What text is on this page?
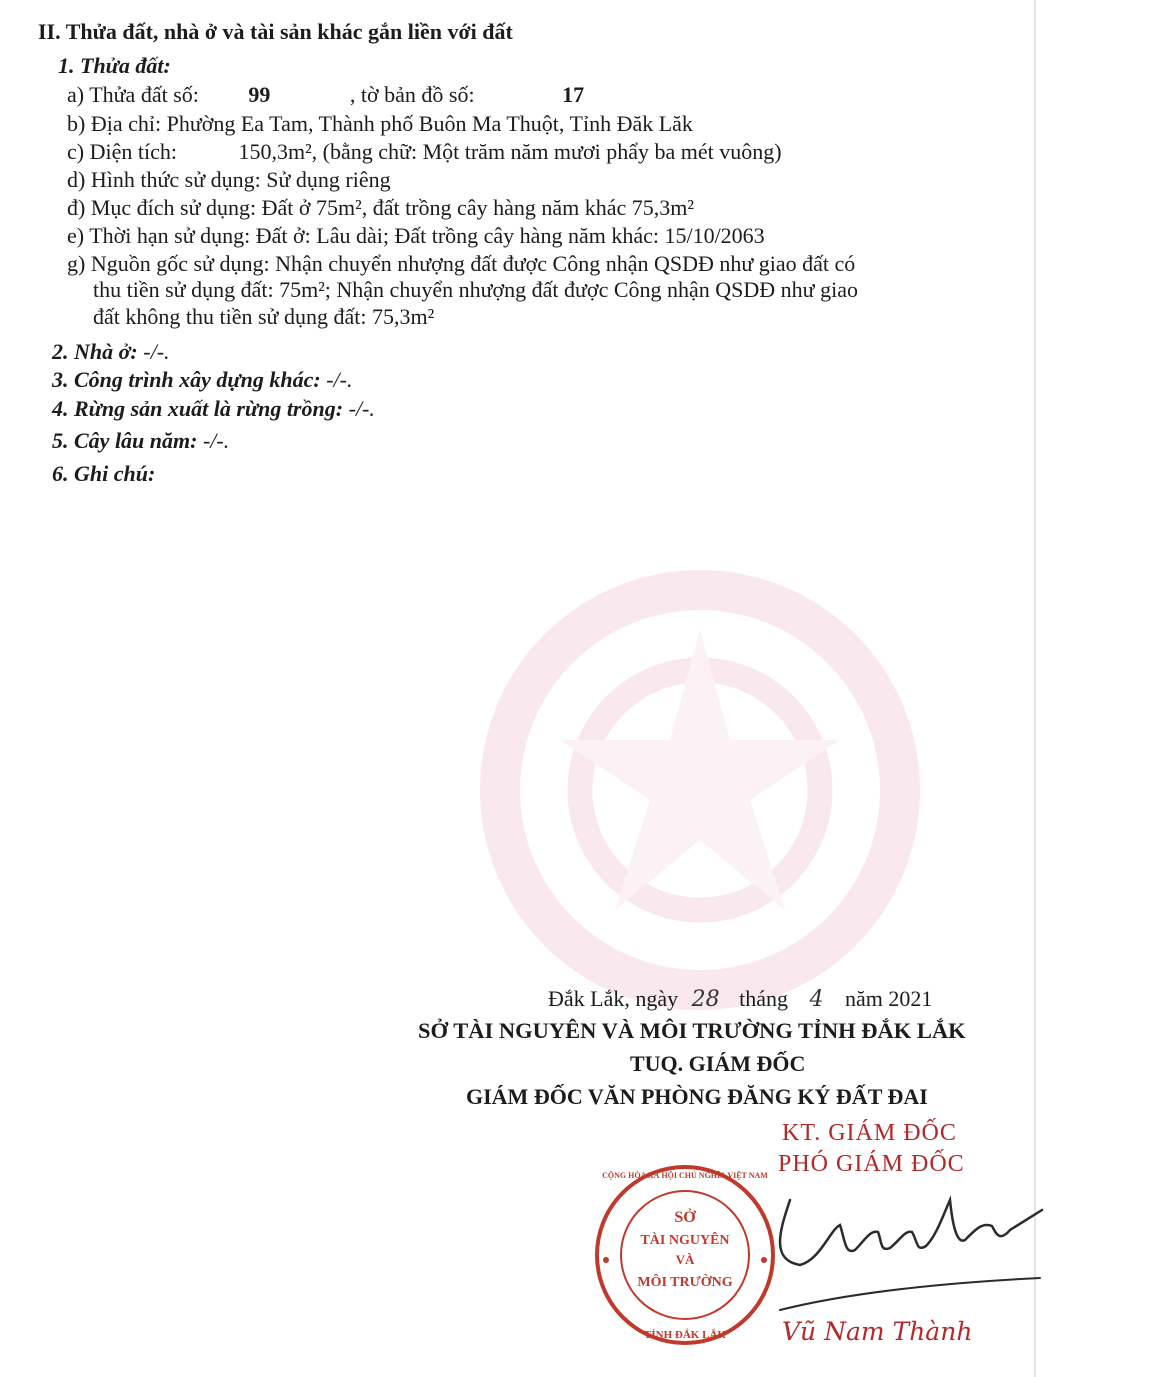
II. Thửa đất, nhà ở và tài sản khác gắn liền với đất
1. Thửa đất:
a) Thửa đất số: 99	, tờ bản đồ số:	17
b) Địa chỉ: Phường Ea Tam, Thành phố Buôn Ma Thuột, Tỉnh Đăk Lăk
c) Diện tích:	150,3m², (bằng chữ: Một trăm năm mươi phẩy ba mét vuông)
d) Hình thức sử dụng: Sử dụng riêng
đ) Mục đích sử dụng: Đất ở 75m², đất trồng cây hàng năm khác 75,3m²
e) Thời hạn sử dụng: Đất ở: Lâu dài; Đất trồng cây hàng năm khác: 15/10/2063
g) Nguồn gốc sử dụng: Nhận chuyển nhượng đất được Công nhận QSDĐ như giao đất có
thu tiền sử dụng đất: 75m²; Nhận chuyển nhượng đất được Công nhận QSDĐ như giao
đất không thu tiền sử dụng đất: 75,3m²
2. Nhà ở: -/-.
3. Công trình xây dựng khác: -/-.
4. Rừng sản xuất là rừng trồng: -/-.
5. Cây lâu năm: -/-.
6. Ghi chú:
Đắk Lắk, ngày 28 tháng 4 năm 2021
SỞ TÀI NGUYÊN VÀ MÔI TRƯỜNG TỈNH ĐẮK LẮK
TUQ. GIÁM ĐỐC
GIÁM ĐỐC VĂN PHÒNG ĐĂNG KÝ ĐẤT ĐAI
KT. GIÁM ĐỐC
PHÓ GIÁM ĐỐC
SỞ
TÀI NGUYÊN
VÀ
MÔI TRƯỜNG
TỈNH ĐẮK LẮK
CỘNG HÒA XÃ HỘI CHỦ NGHĨA VIỆT NAM
Vũ Nam Thành
